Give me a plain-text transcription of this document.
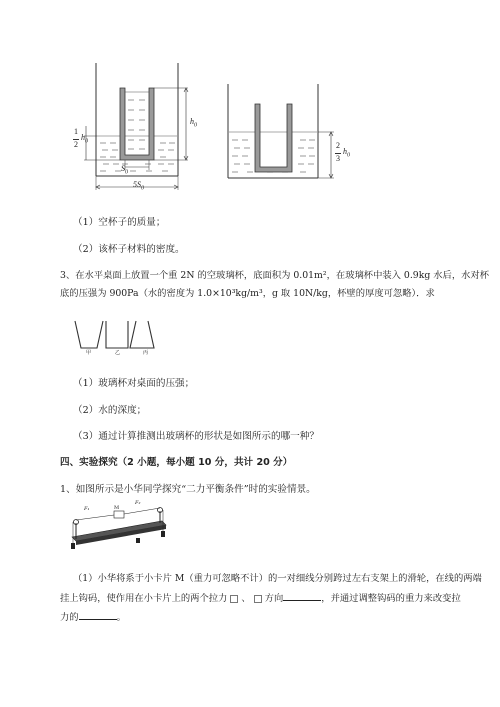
$h_0$
1
2
$h_0$
$S_0$
$5S_0$
2
3
$h_0$
（1）空杯子的质量；
（2）该杯子材料的密度。
3、在水平桌面上放置一个重 2N 的空玻璃杯，底面积为 0.01m²，在玻璃杯中装入 0.9kg 水后，水对杯
底的压强为 900Pa（水的密度为 1.0×10³kg/m³，g 取 10N/kg，杯壁的厚度可忽略）．求
甲	乙	丙
（1）玻璃杯对桌面的压强；
（2）水的深度；
（3）通过计算推测出玻璃杯的形状是如图所示的哪一种？
四、实验探究（2 小题，每小题 10 分，共计 20 分）
1、如图所示是小华同学探究“二力平衡条件”时的实验情景。
F₁	M
F₂
（1）小华将系于小卡片 M（重力可忽略不计）的一对细线分别跨过左右支架上的滑轮，在线的两端
挂上钩码，使作用在小卡片上的两个拉力 、 方向	，并通过调整钩码的重力来改变拉
力的	。
